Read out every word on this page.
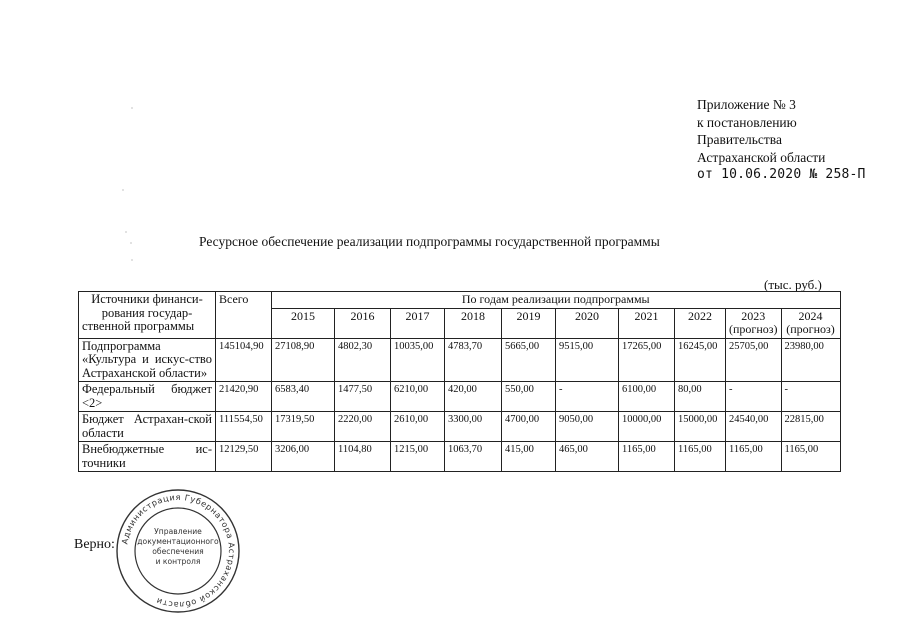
Приложение № 3
к постановлению
Правительства
Астраханской области
от 10.06.2020 № 258-П
Ресурсное обеспечение реализации подпрограммы государственной программы
(тыс. руб.)
Источники финанси-рования государ-ственной программы	Всего	По годам реализации подпрограммы									
		2015	2016	2017	2018	2019	2020	2021	2022	2023 (прогноз)	2024 (прогноз)
Подпрограмма «Культура и искус-ство Астраханской области»	145104,90	27108,90	4802,30	10035,00	4783,70	5665,00	9515,00	17265,00	16245,00	25705,00	23980,00
Федеральный бюджет <2>	21420,90	6583,40	1477,50	6210,00	420,00	550,00	-	6100,00	80,00	-	-
Бюджет Астрахан-ской области	111554,50	17319,50	2220,00	2610,00	3300,00	4700,00	9050,00	10000,00	15000,00	24540,00	22815,00
Внебюджетные ис-точники	12129,50	3206,00	1104,80	1215,00	1063,70	415,00	465,00	1165,00	1165,00	1165,00	1165,00
Верно: Администрация Губернатора Астраханской области
Управление
документационного
обеспечения
и контроля
